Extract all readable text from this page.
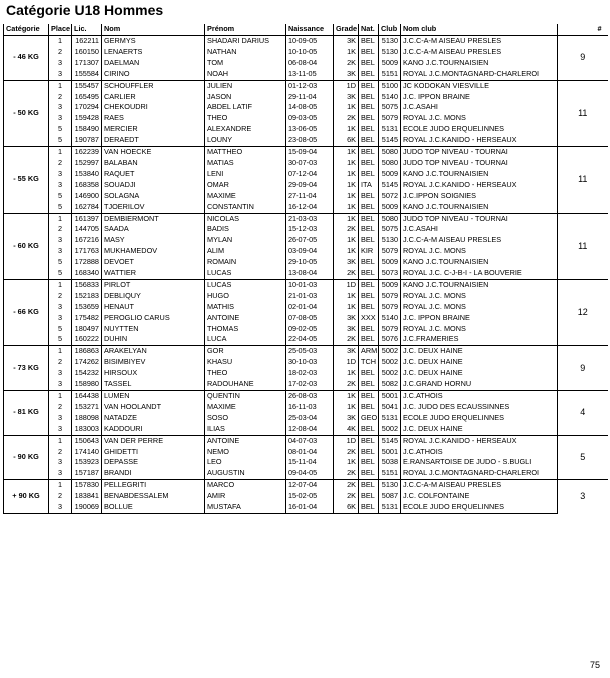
Catégorie U18 Hommes
Catégorie	Place	Lic.	Nom	Prénom	Naissance	Grade	Nat.	Club	Nom club	#
- 46 KG	1	162211	GERMYS	SHADARI DARIUS	10-09-05	3K	BEL	5130	J.C.C-A-M AISEAU PRESLES	9
	2	160150	LENAERTS	NATHAN	10-10-05	1K	BEL	5130	J.C.C-A-M AISEAU PRESLES	
	3	171307	DAELMAN	TOM	06-08-04	2K	BEL	5009	KANO J.C.TOURNAISIEN	
	3	155584	CIRINO	NOAH	13-11-05	3K	BEL	5151	ROYAL J.C.MONTAGNARD-CHARLEROI	
- 50 KG	1	155457	SCHOUFFLER	JULIEN	01-12-03	1D	BEL	5100	JC KODOKAN VIESVILLE	11
	2	165495	CARLIER	JASON	29-11-04	3K	BEL	5140	J.C. IPPON BRAINE	
	3	170294	CHEKOUDRI	ABDEL LATIF	14-08-05	1K	BEL	5075	J.C.ASAHI	
	3	159428	RAES	THEO	09-03-05	2K	BEL	5079	ROYAL J.C. MONS	
	5	158490	MERCIER	ALEXANDRE	13-06-05	1K	BEL	5131	ECOLE JUDO ERQUELINNES	
	5	190787	DERAEDT	LOUNY	23-08-05	6K	BEL	5145	ROYAL J.C.KANIDO - HERSEAUX	
- 55 KG	1	162239	VAN HOECKE	MATTHEO	15-09-04	1K	BEL	5080	JUDO TOP NIVEAU - TOURNAI	11
	2	152997	BALABAN	MATIAS	30-07-03	1K	BEL	5080	JUDO TOP NIVEAU - TOURNAI	
	3	153840	RAQUET	LENI	07-12-04	1K	BEL	5009	KANO J.C.TOURNAISIEN	
	3	168358	SOUADJI	OMAR	29-09-04	1K	ITA	5145	ROYAL J.C.KANIDO - HERSEAUX	
	5	146900	SOLAGNA	MAXIME	27-11-04	1K	BEL	5072	J.C.IPPON SOIGNIES	
	5	162784	TJOERILOV	CONSTANTIN	16-12-04	1K	BEL	5009	KANO J.C.TOURNAISIEN	
- 60 KG	1	161397	DEMBIERMONT	NICOLAS	21-03-03	1K	BEL	5080	JUDO TOP NIVEAU - TOURNAI	11
	2	144705	SAADA	BADIS	15-12-03	2K	BEL	5075	J.C.ASAHI	
	3	167216	MASY	MYLAN	26-07-05	1K	BEL	5130	J.C.C-A-M AISEAU PRESLES	
	3	171763	MUKHAMEDOV	ALIM	03-09-04	1K	KIR	5079	ROYAL J.C. MONS	
	5	172888	DEVOET	ROMAIN	29-10-05	3K	BEL	5009	KANO J.C.TOURNAISIEN	
	5	168340	WATTIER	LUCAS	13-08-04	2K	BEL	5073	ROYAL J.C. C-J-B-I - LA BOUVERIE	
- 66 KG	1	156833	PIRLOT	LUCAS	10-01-03	1D	BEL	5009	KANO J.C.TOURNAISIEN	12
	2	152183	DEBLIQUY	HUGO	21-01-03	1K	BEL	5079	ROYAL J.C. MONS	
	3	153659	HENAUT	MATHIS	02-01-04	1K	BEL	5079	ROYAL J.C. MONS	
	3	175482	PEROGLIO CARUS	ANTOINE	07-08-05	3K	XXX	5140	J.C. IPPON BRAINE	
	5	180497	NUYTTEN	THOMAS	09-02-05	3K	BEL	5079	ROYAL J.C. MONS	
	5	160222	DUHIN	LUCA	22-04-05	2K	BEL	5076	J.C.FRAMERIES	
- 73 KG	1	186863	ARAKELYAN	GOR	25-05-03	3K	ARM	5002	J.C. DEUX HAINE	9
	2	174262	BISIMBIYEV	KHASU	30-10-03	1D	TCH	5002	J.C. DEUX HAINE	
	3	154232	HIRSOUX	THEO	18-02-03	1K	BEL	5002	J.C. DEUX HAINE	
	3	158980	TASSEL	RADOUHANE	17-02-03	2K	BEL	5082	J.C.GRAND HORNU	
- 81 KG	1	164438	LUMEN	QUENTIN	26-08-03	1K	BEL	5001	J.C.ATHOIS	4
	2	153271	VAN HOOLANDT	MAXIME	16-11-03	1K	BEL	5041	J.C. JUDO DES ECAUSSINNES	
	3	188098	NATADZE	SOSO	25-03-04	3K	GEO	5131	ECOLE JUDO ERQUELINNES	
	3	183003	KADDOURI	ILIAS	12-08-04	4K	BEL	5002	J.C. DEUX HAINE	
- 90 KG	1	150643	VAN DER PERRE	ANTOINE	04-07-03	1D	BEL	5145	ROYAL J.C.KANIDO - HERSEAUX	5
	2	174140	GHIDETTI	NEMO	08-01-04	2K	BEL	5001	J.C.ATHOIS	
	3	153923	DEPASSE	LEO	15-11-04	1K	BEL	5038	E.RANSARTOISE DE JUDO - S.BUGLI	
	3	157187	BRANDI	AUGUSTIN	09-04-05	2K	BEL	5151	ROYAL J.C.MONTAGNARD-CHARLEROI	
+ 90 KG	1	157830	PELLEGRITI	MARCO	12-07-04	2K	BEL	5130	J.C.C-A-M AISEAU PRESLES	3
	2	183841	BENABDESSALEM	AMIR	15-02-05	2K	BEL	5087	J.C. COLFONTAINE	
	3	190069	BOLLUE	MUSTAFA	16-01-04	6K	BEL	5131	ECOLE JUDO ERQUELINNES	
75
